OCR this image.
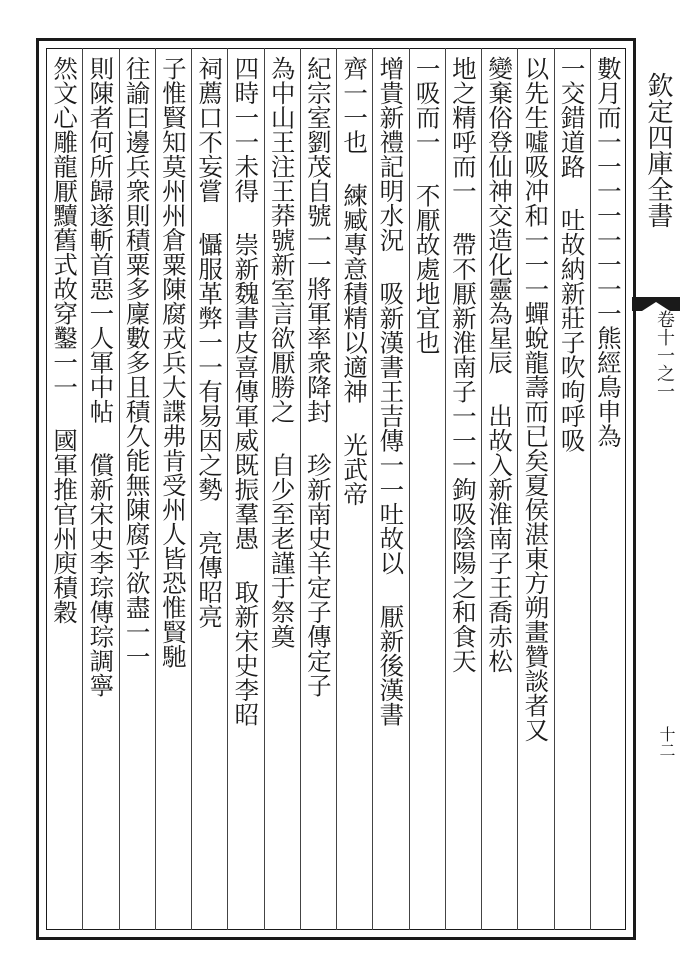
欽定四庫全書
卷十一之一
十二
數月而一一一一一一一一熊經鳥申為
一交錯道路 吐故納新莊子吹呴呼吸
以先生噓吸冲和一一一蟬蛻龍壽而已矣夏侯湛東方朔畫贊談者又
變棄俗登仙神交造化靈為星辰 出故入新淮南子王喬赤松
地之精呼而一 帶不厭新淮南子一一一鉤吸陰陽之和食天
一吸而一 不厭故處地宜也
增貴新禮記明水況 吸新漢書王吉傳一一吐故以 厭新後漢書
齊一一也 練臧專意積精以適神 光武帝
紀宗室劉茂自號一一將軍率衆降封 珍新南史羊定子傳定子
為中山王注王莽號新室言欲厭勝之 自少至老謹于祭奠
四時一一未得 崇新魏書皮喜傳軍威既振羣愚 取新宋史李昭
祠薦口不妄嘗 懾服革弊一一有易因之勢 亮傳昭亮
子惟賢知莫州州倉粟陳腐戎兵大諜弗肯受州人皆恐惟賢馳
往諭曰邊兵衆則積粟多廩數多且積久能無陳腐乎欲盡一一
則陳者何所歸遂斬首惡一人軍中帖 償新宋史李琮傳琮調寧
然文心雕龍厭黷舊式故穿鑿一一 國軍推官州庾積穀
